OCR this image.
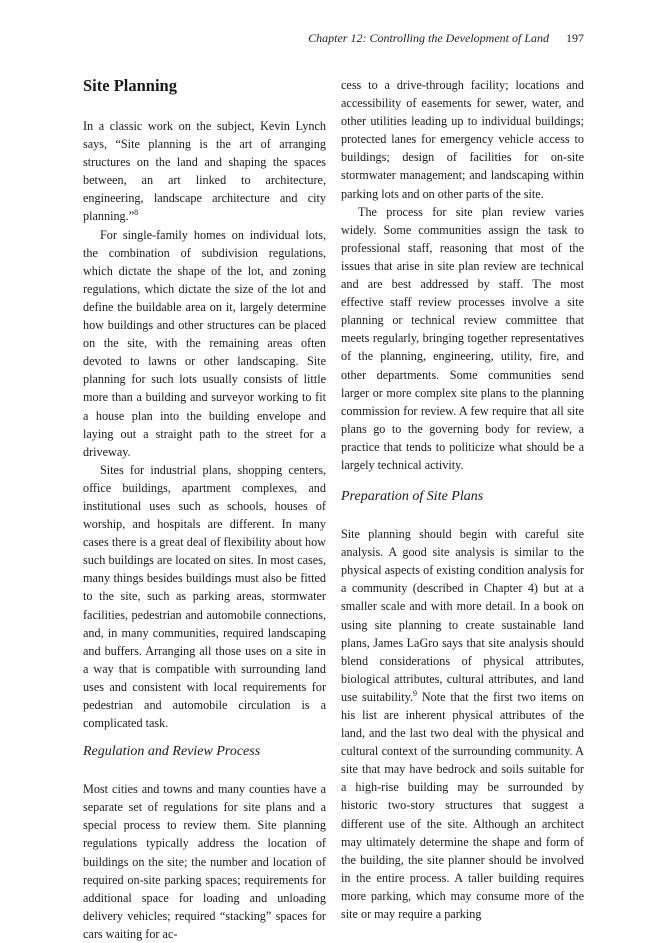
Chapter 12: Controlling the Development of Land 197
Site Planning

In a classic work on the subject, Kevin Lynch says, “Site planning is the art of arranging structures on the land and shaping the spaces between, an art linked to architecture, engineering, landscape architecture and city planning.”$^8$

For single-family homes on individual lots, the combination of subdivision regulations, which dictate the shape of the lot, and zoning regulations, which dictate the size of the lot and define the buildable area on it, largely determine how buildings and other structures can be placed on the site, with the remaining areas often devoted to lawns or other landscaping. Site planning for such lots usually consists of little more than a building and surveyor working to fit a house plan into the building envelope and laying out a straight path to the street for a driveway.

Sites for industrial plans, shopping centers, office buildings, apartment complexes, and institutional uses such as schools, houses of worship, and hospitals are different. In many cases there is a great deal of flexibility about how such buildings are located on sites. In most cases, many things besides buildings must also be fitted to the site, such as parking areas, stormwater facilities, pedestrian and automobile connections, and, in many communities, required landscaping and buffers. Arranging all those uses on a site in a way that is compatible with surrounding land uses and consistent with local requirements for pedestrian and automobile circulation is a complicated task.

Regulation and Review Process

Most cities and towns and many counties have a separate set of regulations for site plans and a special process to review them. Site planning regulations typically address the location of buildings on the site; the number and location of required on-site parking spaces; requirements for additional space for loading and unloading delivery vehicles; required “stacking” spaces for cars waiting for ac-

cess to a drive-through facility; locations and accessibility of easements for sewer, water, and other utilities leading up to individual buildings; protected lanes for emergency vehicle access to buildings; design of facilities for on-site stormwater management; and landscaping within parking lots and on other parts of the site.

The process for site plan review varies widely. Some communities assign the task to professional staff, reasoning that most of the issues that arise in site plan review are technical and are best addressed by staff. The most effective staff review processes involve a site planning or technical review committee that meets regularly, bringing together representatives of the planning, engineering, utility, fire, and other departments. Some communities send larger or more complex site plans to the planning commission for review. A few require that all site plans go to the governing body for review, a practice that tends to politicize what should be a largely technical activity.

Preparation of Site Plans

Site planning should begin with careful site analysis. A good site analysis is similar to the physical aspects of existing condition analysis for a community (described in Chapter 4) but at a smaller scale and with more detail. In a book on using site planning to create sustainable land plans, James LaGro says that site analysis should blend considerations of physical attributes, biological attributes, cultural attributes, and land use suitability.$^9$ Note that the first two items on his list are inherent physical attributes of the land, and the last two deal with the physical and cultural context of the surrounding community. A site that may have bedrock and soils suitable for a high-rise building may be surrounded by historic two-story structures that suggest a different use of the site. Although an architect may ultimately determine the shape and form of the building, the site planner should be involved in the entire process. A taller building requires more parking, which may consume more of the site or may require a parking
